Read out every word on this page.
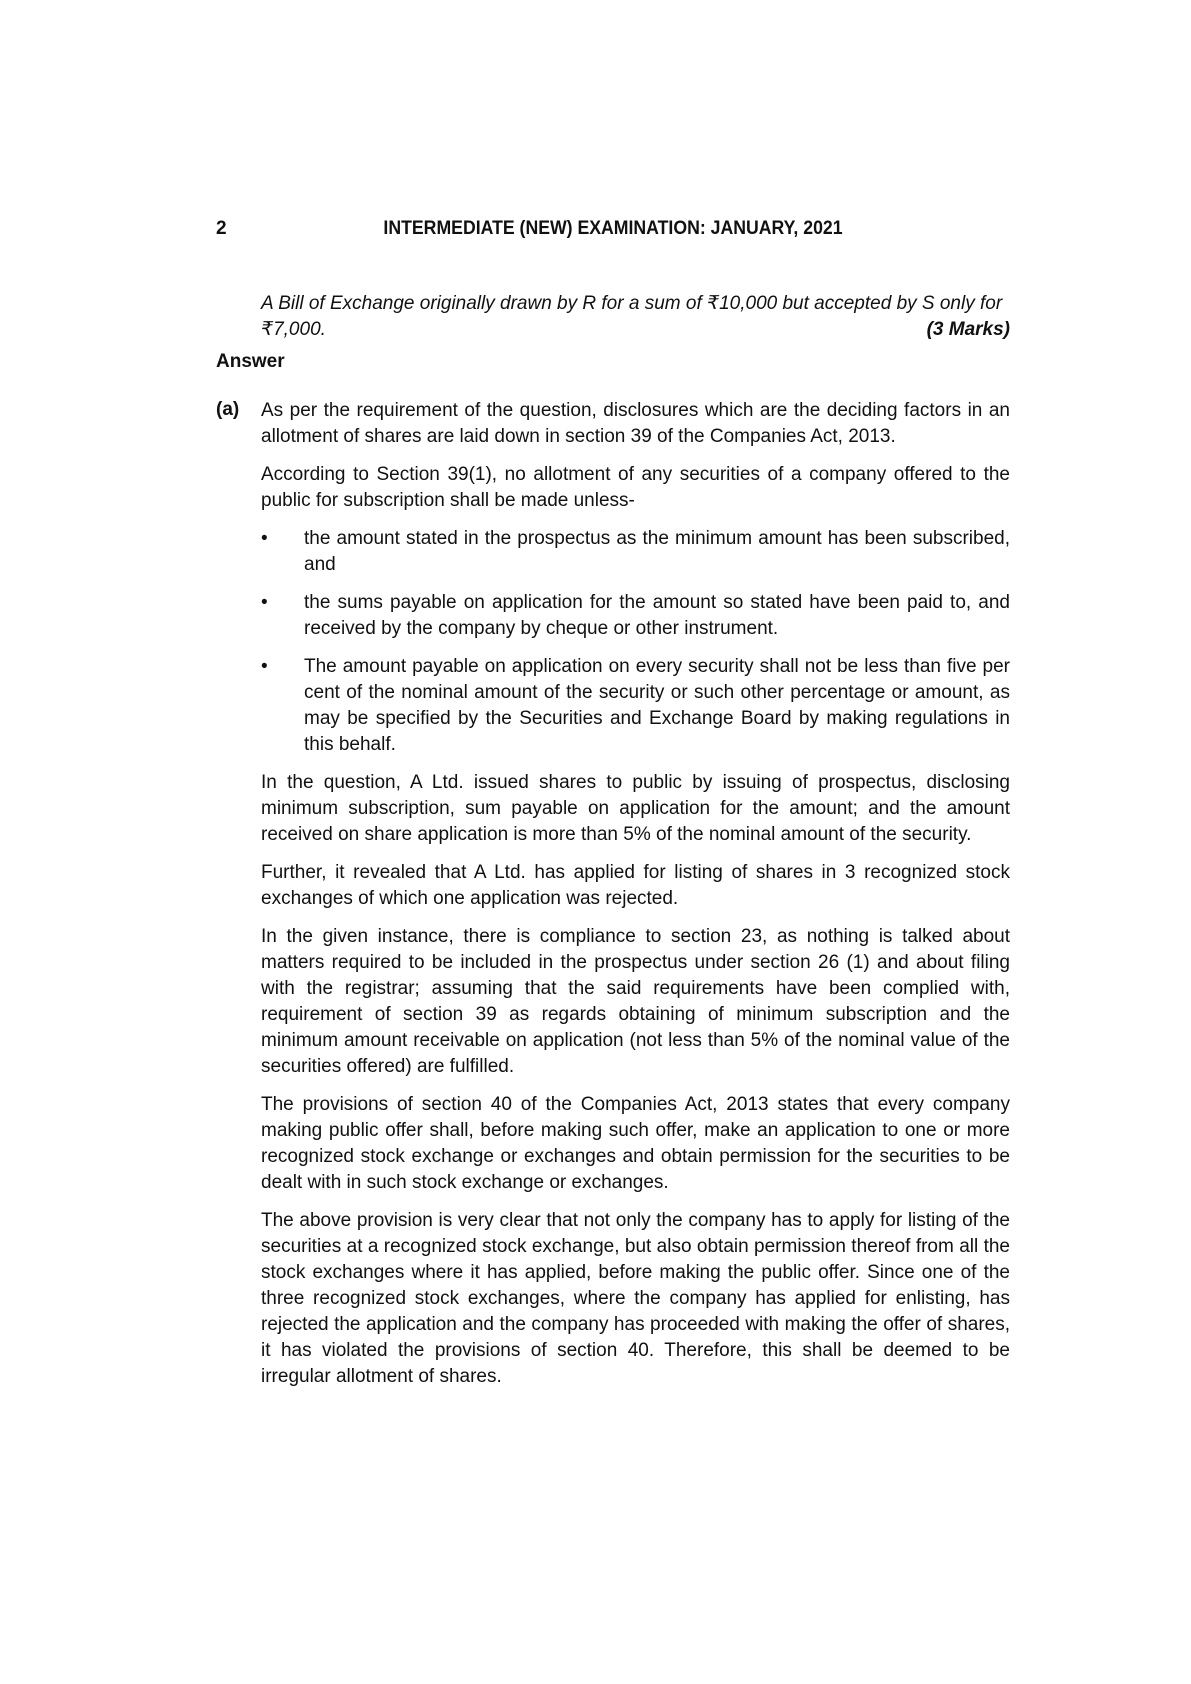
2	INTERMEDIATE (NEW) EXAMINATION: JANUARY, 2021
A Bill of Exchange originally drawn by R for a sum of ₹10,000 but accepted by S only for
₹7,000.	(3 Marks)
Answer
(a) As per the requirement of the question, disclosures which are the deciding factors in an allotment of shares are laid down in section 39 of the Companies Act, 2013.

According to Section 39(1), no allotment of any securities of a company offered to the public for subscription shall be made unless-

• the amount stated in the prospectus as the minimum amount has been subscribed, and
• the sums payable on application for the amount so stated have been paid to, and received by the company by cheque or other instrument.
• The amount payable on application on every security shall not be less than five per cent of the nominal amount of the security or such other percentage or amount, as may be specified by the Securities and Exchange Board by making regulations in this behalf.

In the question, A Ltd. issued shares to public by issuing of prospectus, disclosing minimum subscription, sum payable on application for the amount; and the amount received on share application is more than 5% of the nominal amount of the security.

Further, it revealed that A Ltd. has applied for listing of shares in 3 recognized stock exchanges of which one application was rejected.

In the given instance, there is compliance to section 23, as nothing is talked about matters required to be included in the prospectus under section 26 (1) and about filing with the registrar; assuming that the said requirements have been complied with, requirement of section 39 as regards obtaining of minimum subscription and the minimum amount receivable on application (not less than 5% of the nominal value of the securities offered) are fulfilled.

The provisions of section 40 of the Companies Act, 2013 states that every company making public offer shall, before making such offer, make an application to one or more recognized stock exchange or exchanges and obtain permission for the securities to be dealt with in such stock exchange or exchanges.

The above provision is very clear that not only the company has to apply for listing of the securities at a recognized stock exchange, but also obtain permission thereof from all the stock exchanges where it has applied, before making the public offer. Since one of the three recognized stock exchanges, where the company has applied for enlisting, has rejected the application and the company has proceeded with making the offer of shares, it has violated the provisions of section 40. Therefore, this shall be deemed to be irregular allotment of shares.
